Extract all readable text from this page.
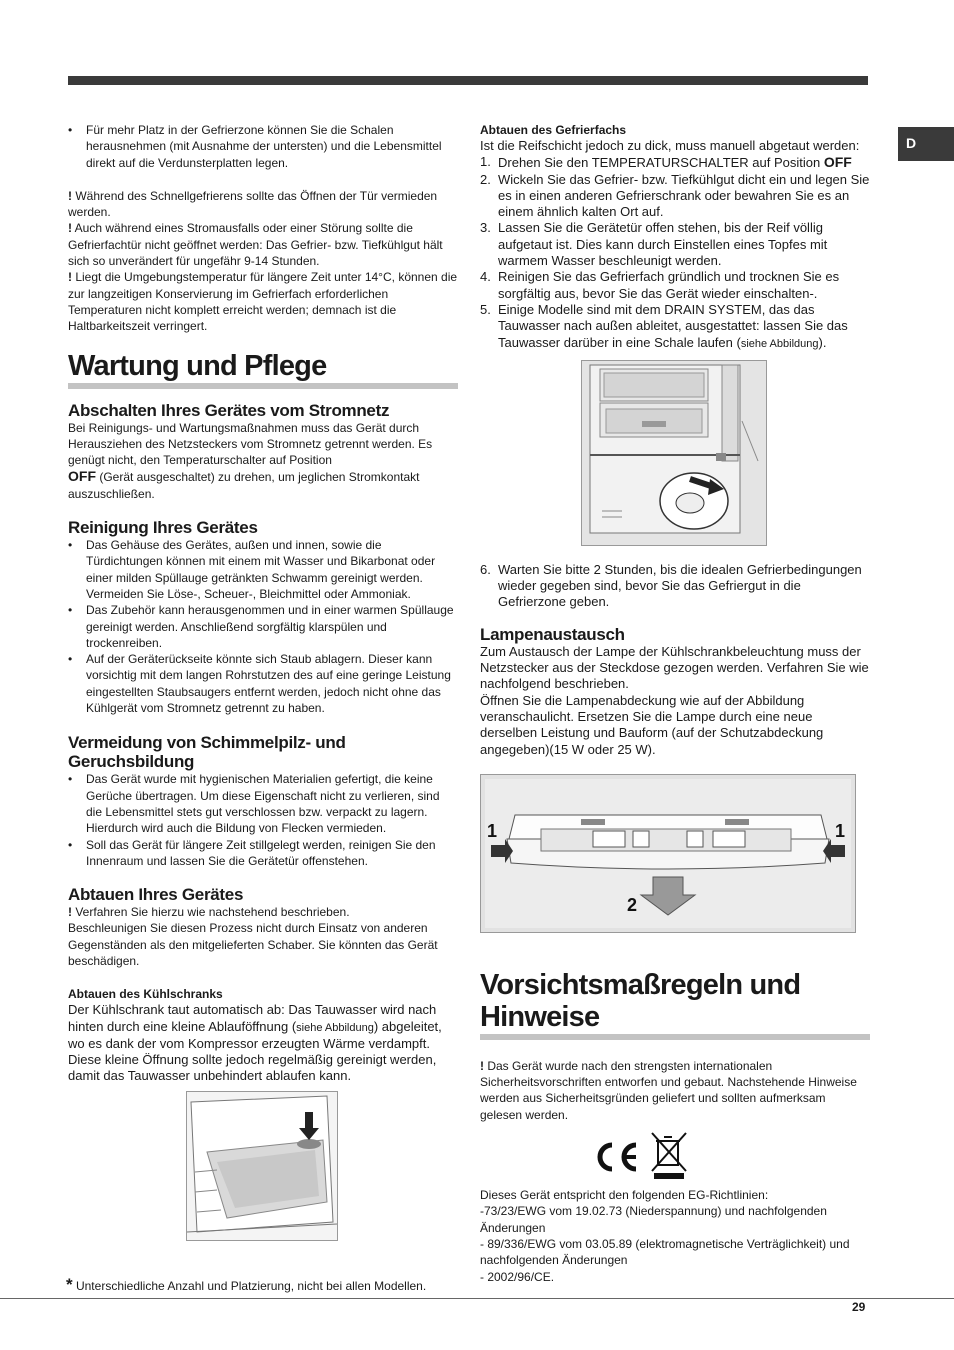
D

• Für mehr Platz in der Gefrierzone können Sie die Schalen herausnehmen (mit Ausnahme der untersten) und die Lebensmittel direkt auf die Verdunsterplatten legen.

! Während des Schnellgefrierens sollte das Öffnen der Tür vermieden werden.

! Auch während eines Stromausfalls oder einer Störung sollte die Gefrierfachtür nicht geöffnet werden: Das Gefrier- bzw. Tiefkühlgut hält sich so unverändert für ungefähr 9-14 Stunden.

! Liegt die Umgebungstemperatur für längere Zeit unter 14°C, können die zur langzeitigen Konservierung im Gefrierfach erforderlichen Temperaturen nicht komplett erreicht werden; demnach ist die Haltbarkeitszeit verringert.

Wartung und Pflege
Abschalten Ihres Gerätes vom Stromnetz

Bei Reinigungs- und Wartungsmaßnahmen muss das Gerät durch Herausziehen des Netzsteckers vom Stromnetz getrennt werden. Es genügt nicht, den Temperaturschalter auf Position
OFF (Gerät ausgeschaltet) zu drehen, um jeglichen Stromkontakt auszuschließen.

Reinigung Ihres Gerätes

• Das Gehäuse des Gerätes, außen und innen, sowie die Türdichtungen können mit einem mit Wasser und Bikarbonat oder einer milden Spüllauge getränkten Schwamm gereinigt werden. Vermeiden Sie Löse-, Scheuer-, Bleichmittel oder Ammoniak.

• Das Zubehör kann herausgenommen und in einer warmen Spüllauge gereinigt werden. Anschließend sorgfältig klarspülen und trockenreiben.

• Auf der Geräterückseite könnte sich Staub ablagern. Dieser kann vorsichtig mit dem langen Rohrstutzen des auf eine geringe Leistung eingestellten Staubsaugers entfernt werden, jedoch nicht ohne das Kühlgerät vom Stromnetz getrennt zu haben.

Vermeidung von Schimmelpilz- und Geruchsbildung

• Das Gerät wurde mit hygienischen Materialien gefertigt, die keine Gerüche übertragen. Um diese Eigenschaft nicht zu verlieren, sind die Lebensmittel stets gut verschlossen bzw. verpackt zu lagern. Hierdurch wird auch die Bildung von Flecken vermieden.

• Soll das Gerät für längere Zeit stillgelegt werden, reinigen Sie den Innenraum und lassen Sie die Gerätetür offenstehen.

Abtauen Ihres Gerätes

! Verfahren Sie hierzu wie nachstehend beschrieben.

Beschleunigen Sie diesen Prozess nicht durch Einsatz von anderen Gegenständen als den mitgelieferten Schaber. Sie könnten das Gerät beschädigen.

Abtauen des Kühlschranks

Der Kühlschrank taut automatisch ab: Das Tauwasser wird nach hinten durch eine kleine Ablauföffnung (siehe Abbildung) abgeleitet, wo es dank der vom Kompressor erzeugten Wärme verdampft. Diese kleine Öffnung sollte jedoch regelmäßig gereinigt werden, damit das Tauwasser unbehindert ablaufen kann.

Abtauen des Gefrierfachs

Ist die Reifschicht jedoch zu dick, muss manuell abgetaut werden:

1. Drehen Sie den TEMPERATURSCHALTER auf Position OFF

2. Wickeln Sie das Gefrier- bzw. Tiefkühlgut dicht ein und legen Sie es in einen anderen Gefrierschrank oder bewahren Sie es an einem ähnlich kalten Ort auf.

3. Lassen Sie die Gerätetür offen stehen, bis der Reif völlig aufgetaut ist. Dies kann durch Einstellen eines Topfes mit warmem Wasser beschleunigt werden.

4. Reinigen Sie das Gefrierfach gründlich und trocknen Sie es sorgfältig aus, bevor Sie das Gerät wieder einschalten-.

5. Einige Modelle sind mit dem DRAIN SYSTEM, das das Tauwasser nach außen ableitet, ausgestattet: lassen Sie das Tauwasser darüber in eine Schale laufen (siehe Abbildung).

6. Warten Sie bitte 2 Stunden, bis die idealen Gefrierbedingungen wieder gegeben sind, bevor Sie das Gefriergut in die Gefrierzone geben.

Lampenaustausch

Zum Austausch der Lampe der Kühlschrankbeleuchtung muss der Netzstecker aus der Steckdose gezogen werden. Verfahren Sie wie nachfolgend beschrieben.

Öffnen Sie die Lampenabdeckung wie auf der Abbildung veranschaulicht. Ersetzen Sie die Lampe durch eine neue derselben Leistung und Bauform (auf der Schutzabdeckung angegeben)(15 W oder 25 W).

1	1
2
Vorsichtsmaßregeln und Hinweise

! Das Gerät wurde nach den strengsten internationalen Sicherheitsvorschriften entworfen und gebaut. Nachstehende Hinweise werden aus Sicherheitsgründen geliefert und sollten aufmerksam gelesen werden.

Dieses Gerät entspricht den folgenden EG-Richtlinien:

-73/23/EWG vom 19.02.73 (Niederspannung) und nachfolgenden Änderungen

- 89/336/EWG vom 03.05.89 (elektromagnetische Verträglichkeit) und nachfolgenden Änderungen

- 2002/96/CE.

* Unterschiedliche Anzahl und Platzierung, nicht bei allen Modellen.
29
